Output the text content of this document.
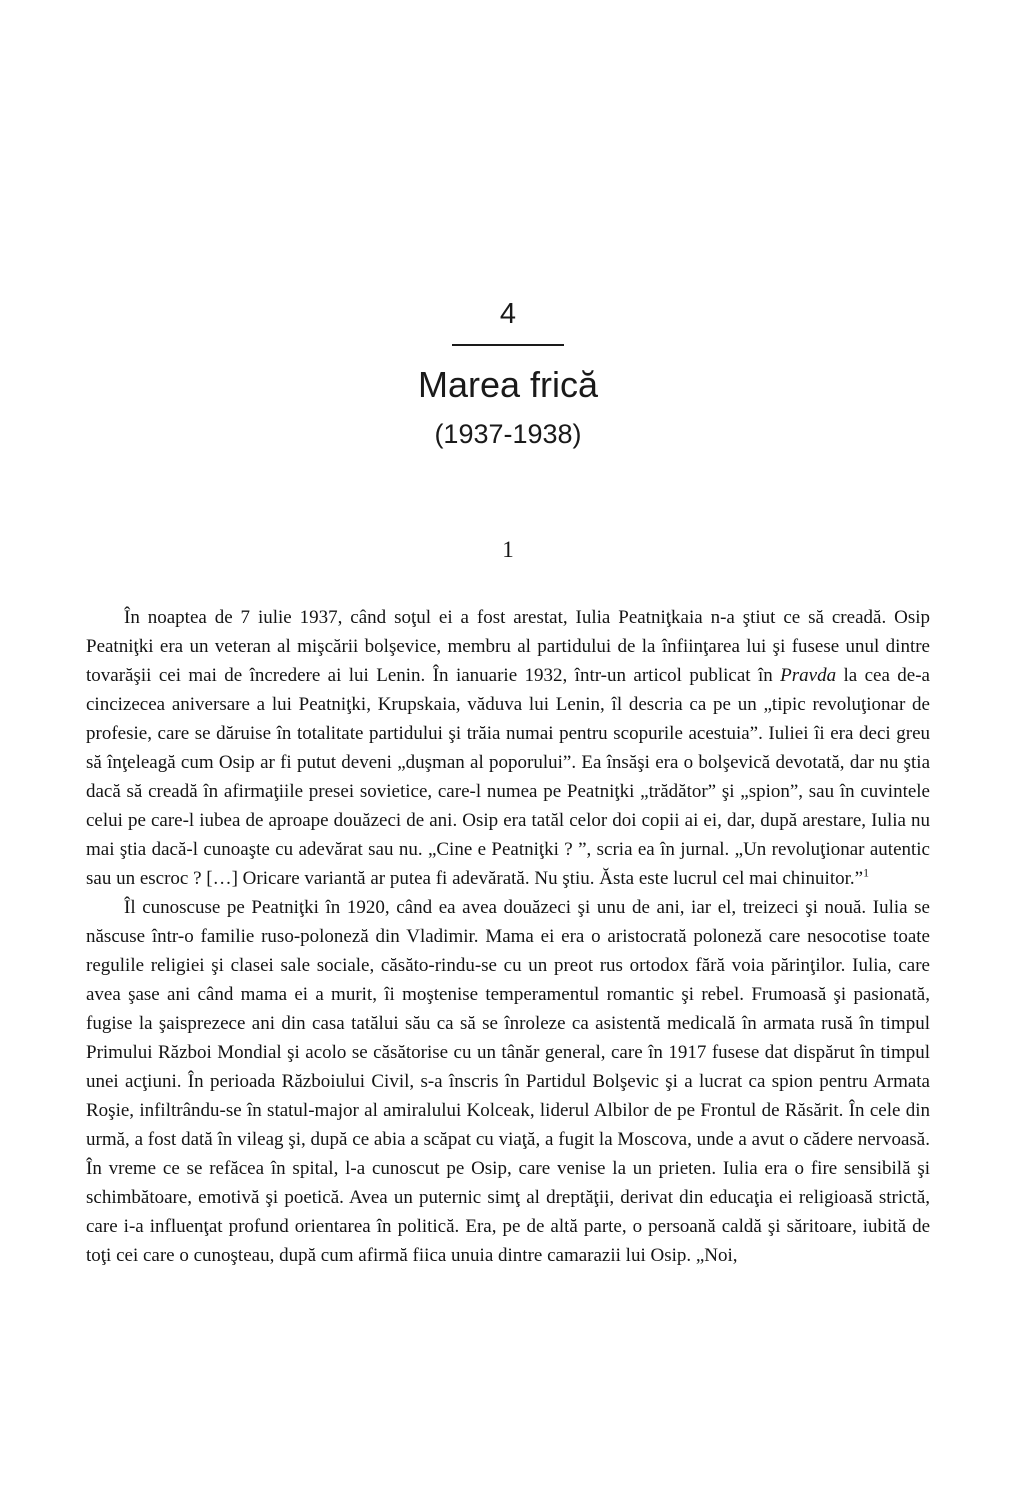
4
Marea frică
(1937-1938)
1

În noaptea de 7 iulie 1937, când soţul ei a fost arestat, Iulia Peatniţkaia n-a ştiut ce să creadă. Osip Peatniţki era un veteran al mişcării bolşevice, membru al partidului de la înfiinţarea lui şi fusese unul dintre tovarăşii cei mai de încredere ai lui Lenin. În ianuarie 1932, într-un articol publicat în Pravda la cea de-a cincizecea aniversare a lui Peatniţki, Krupskaia, văduva lui Lenin, îl descria ca pe un „tipic revoluţionar de profesie, care se dăruise în totalitate partidului şi trăia numai pentru scopurile acestuia”. Iuliei îi era deci greu să înţeleagă cum Osip ar fi putut deveni „duşman al poporului”. Ea însăşi era o bolşevică devotată, dar nu ştia dacă să creadă în afirmaţiile presei sovietice, care-l numea pe Peatniţki „trădător” şi „spion”, sau în cuvintele celui pe care-l iubea de aproape douăzeci de ani. Osip era tatăl celor doi copii ai ei, dar, după arestare, Iulia nu mai ştia dacă-l cunoaşte cu adevărat sau nu. „Cine e Peatniţki ? ”, scria ea în jurnal. „Un revoluţionar autentic sau un escroc ? […] Oricare variantă ar putea fi adevărată. Nu ştiu. Ăsta este lucrul cel mai chinuitor.”$^1$

Îl cunoscuse pe Peatniţki în 1920, când ea avea douăzeci şi unu de ani, iar el, treizeci şi nouă. Iulia se născuse într-o familie ruso-poloneză din Vladimir. Mama ei era o aristocrată poloneză care nesocotise toate regulile religiei şi clasei sale sociale, căsăto-rindu-se cu un preot rus ortodox fără voia părinţilor. Iulia, care avea şase ani când mama ei a murit, îi moştenise temperamentul romantic şi rebel. Frumoasă şi pasionată, fugise la şaisprezece ani din casa tatălui său ca să se înroleze ca asistentă medicală în armata rusă în timpul Primului Război Mondial şi acolo se căsătorise cu un tânăr general, care în 1917 fusese dat dispărut în timpul unei acţiuni. În perioada Războiului Civil, s-a înscris în Partidul Bolşevic şi a lucrat ca spion pentru Armata Roşie, infiltrându-se în statul-major al amiralului Kolceak, liderul Albilor de pe Frontul de Răsărit. În cele din urmă, a fost dată în vileag şi, după ce abia a scăpat cu viaţă, a fugit la Moscova, unde a avut o cădere nervoasă. În vreme ce se refăcea în spital, l-a cunoscut pe Osip, care venise la un prieten. Iulia era o fire sensibilă şi schimbătoare, emotivă şi poetică. Avea un puternic simţ al dreptăţii, derivat din educaţia ei religioasă strictă, care i-a influenţat profund orientarea în politică. Era, pe de altă parte, o persoană caldă şi săritoare, iubită de toţi cei care o cunoşteau, după cum afirmă fiica unuia dintre camarazii lui Osip. „Noi,
